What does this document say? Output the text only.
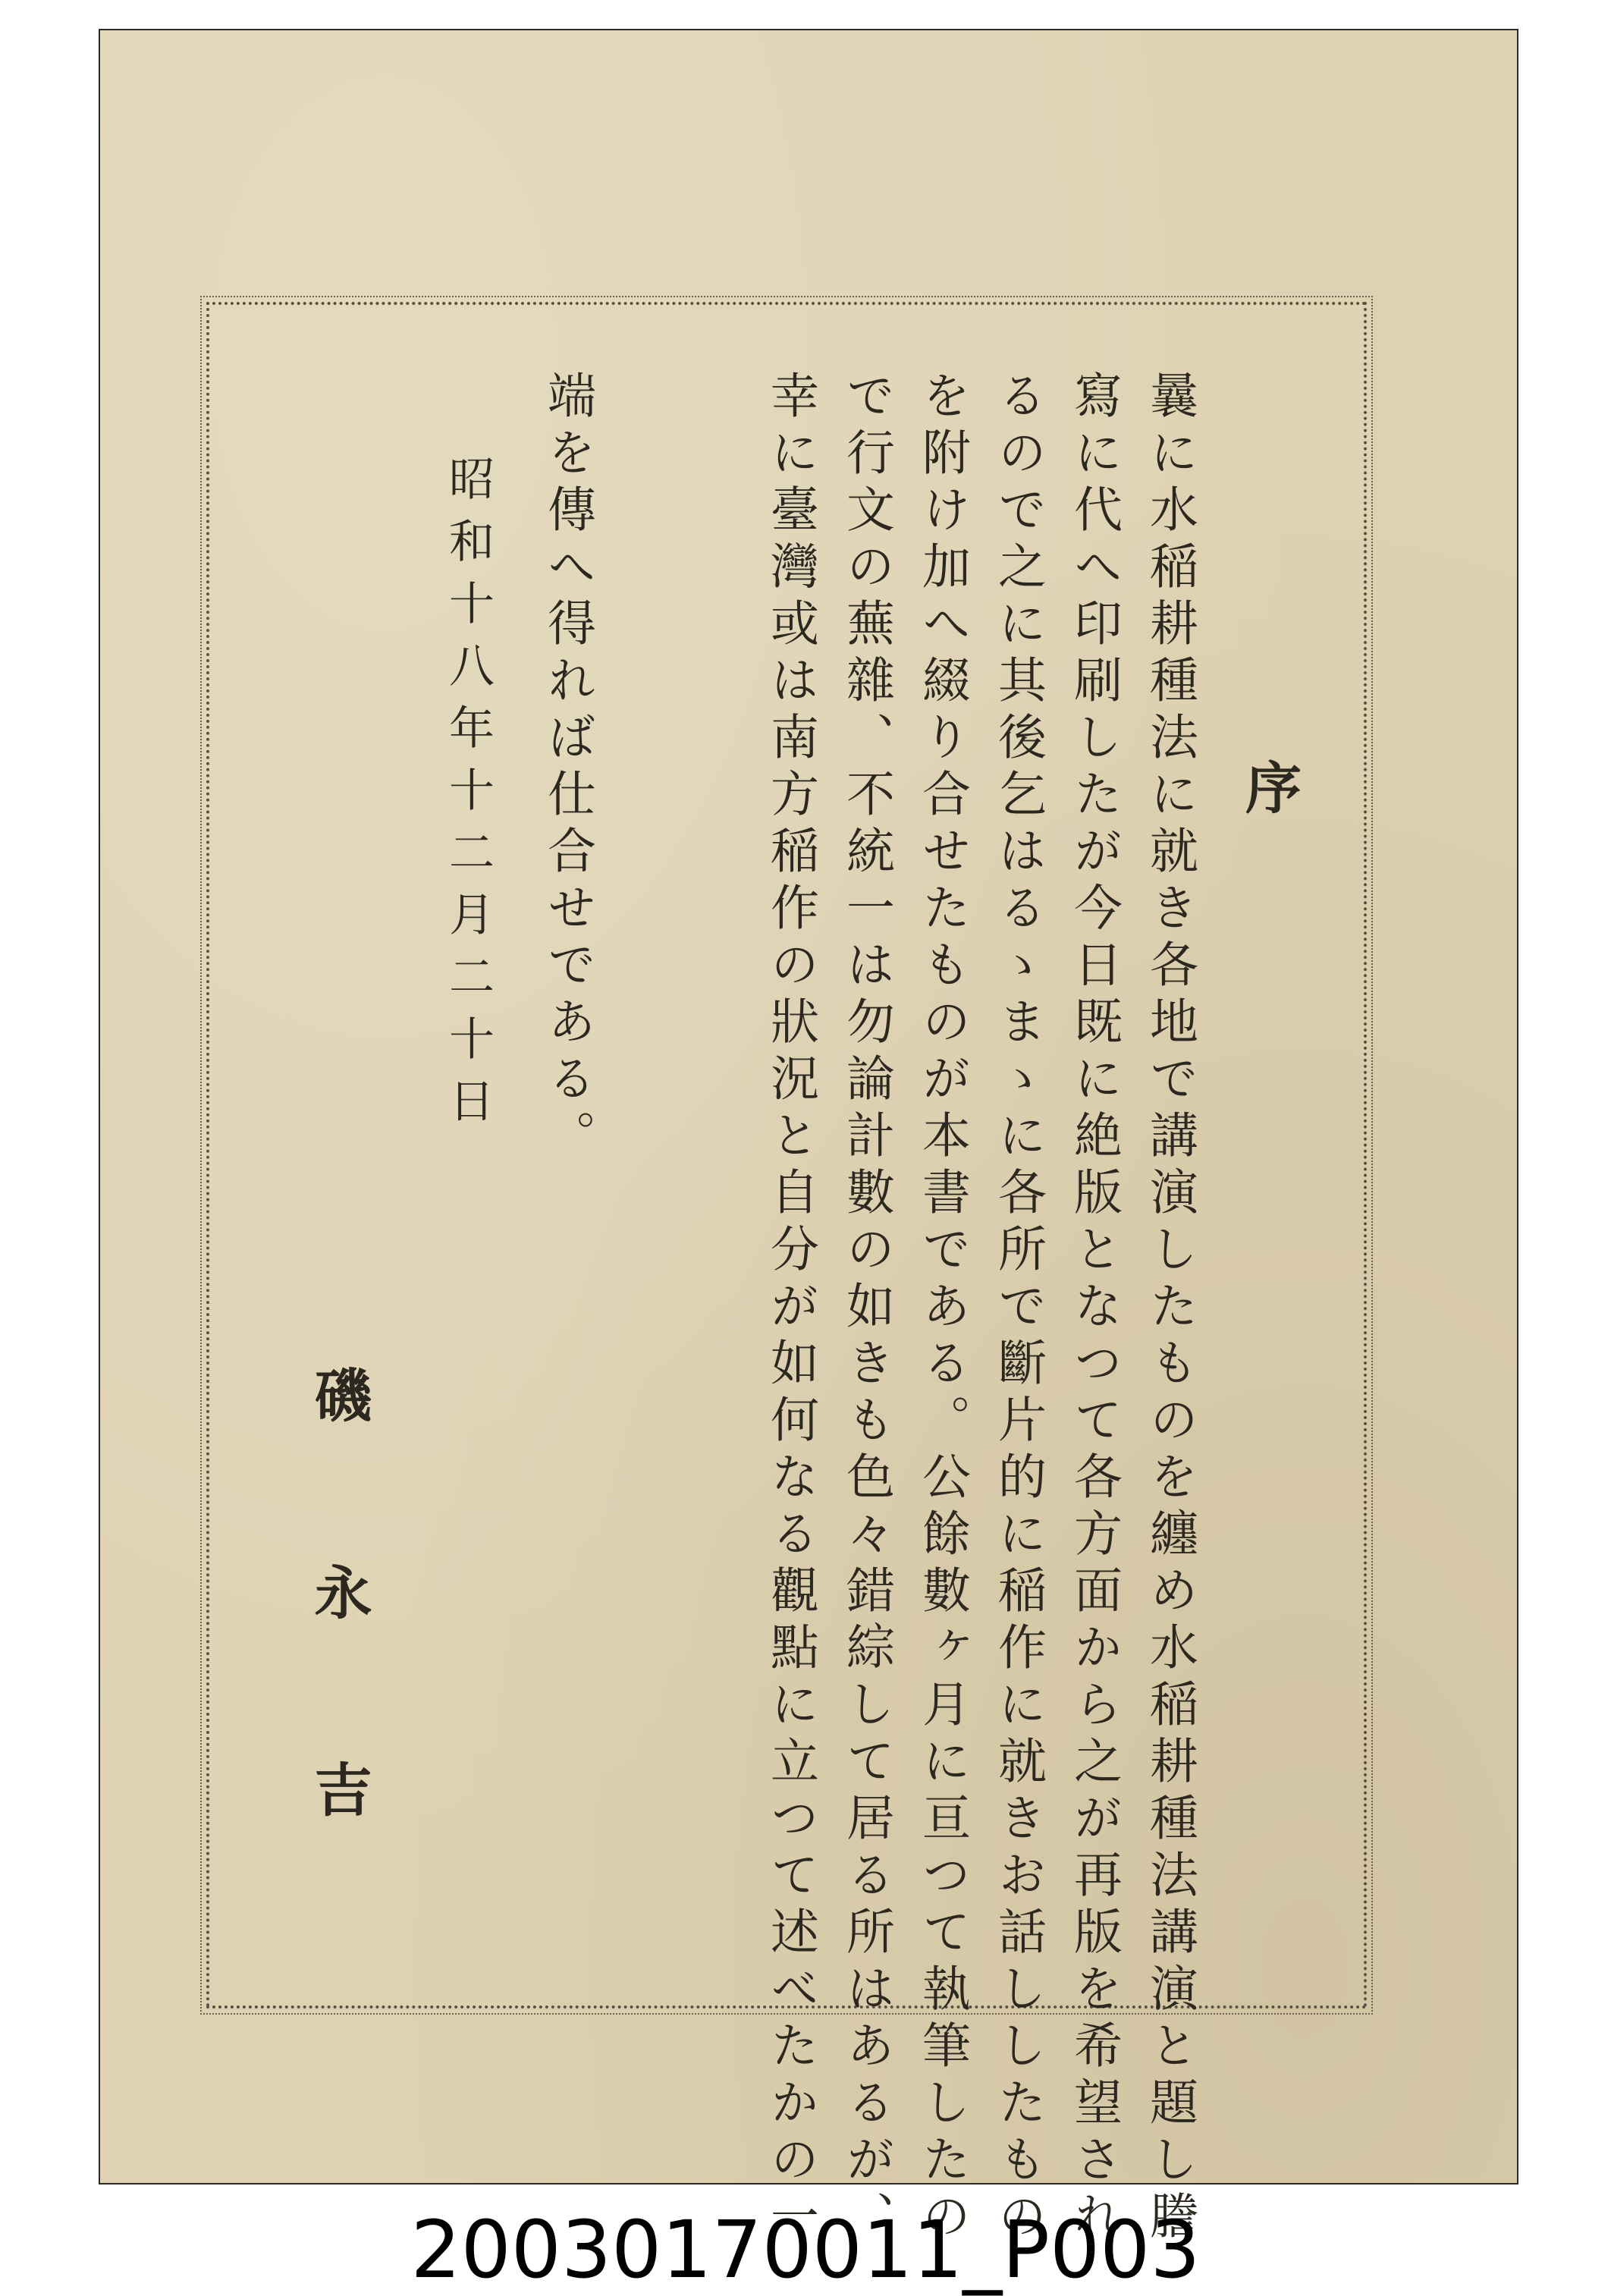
序
曩に水稲耕種法に就き各地で講演したものを纏め水稲耕種法講演と題し謄
寫に代へ印刷したが今日既に絶版となつて各方面から之が再版を希望され
るので之に其後乞はるゝまゝに各所で斷片的に稲作に就きお話ししたもの
を附け加へ綴り合せたものが本書である。公餘數ヶ月に亘つて執筆したの
で行文の蕪雜、不統一は勿論計數の如きも色々錯綜して居る所はあるが、
幸に臺灣或は南方稲作の狀況と自分が如何なる觀點に立つて述べたかの一
端を傳へ得れば仕合せである。
昭和十八年十二月二十日
磯
永
吉
20030170011_P003
